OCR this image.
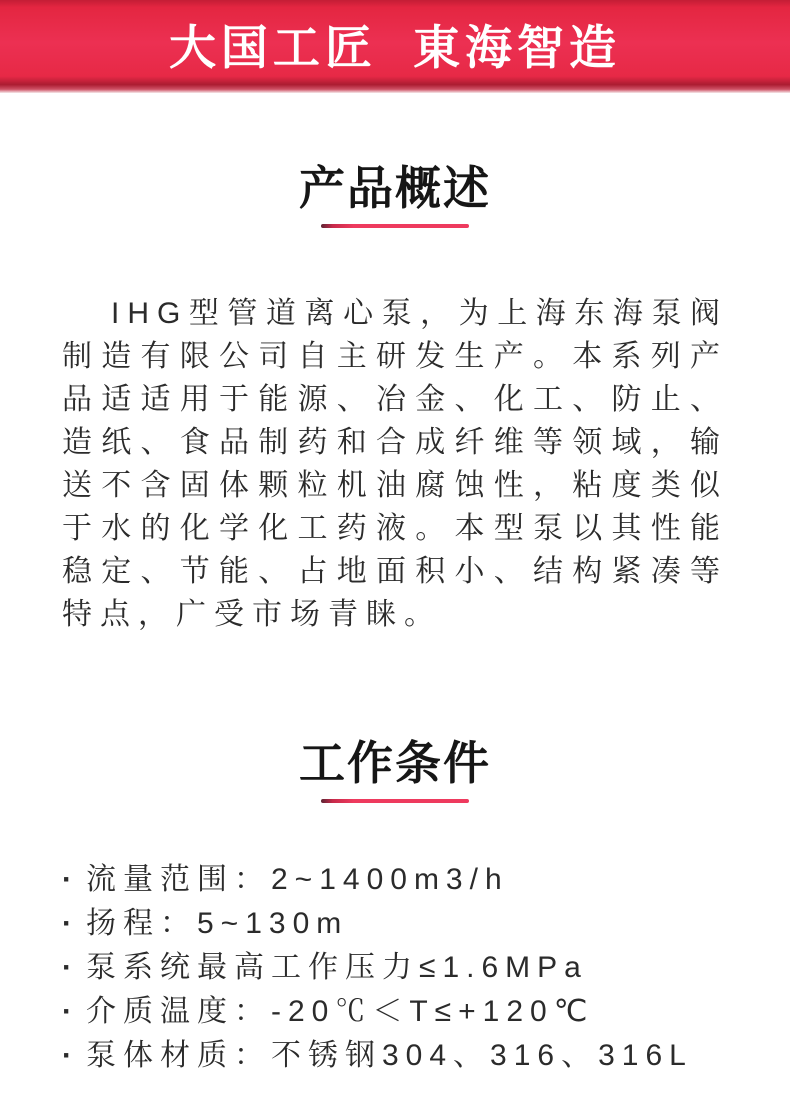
大国工匠  東海智造
产品概述

IHG型管道离心泵，为上海东海泵阀制造有限公司自主研发生产。本系列产品适适用于能源、冶金、化工、防止、造纸、食品制药和合成纤维等领域，输送不含固体颗粒机油腐蚀性，粘度类似于水的化学化工药液。本型泵以其性能稳定、节能、占地面积小、结构紧凑等特点，广受市场青睐。

工作条件
· 流量范围：2~1400m3/h
· 扬程：5~130m
· 泵系统最高工作压力≤1.6MPa
· 介质温度：-20℃＜T≤+120℃
· 泵体材质：不锈钢304、316、316L
